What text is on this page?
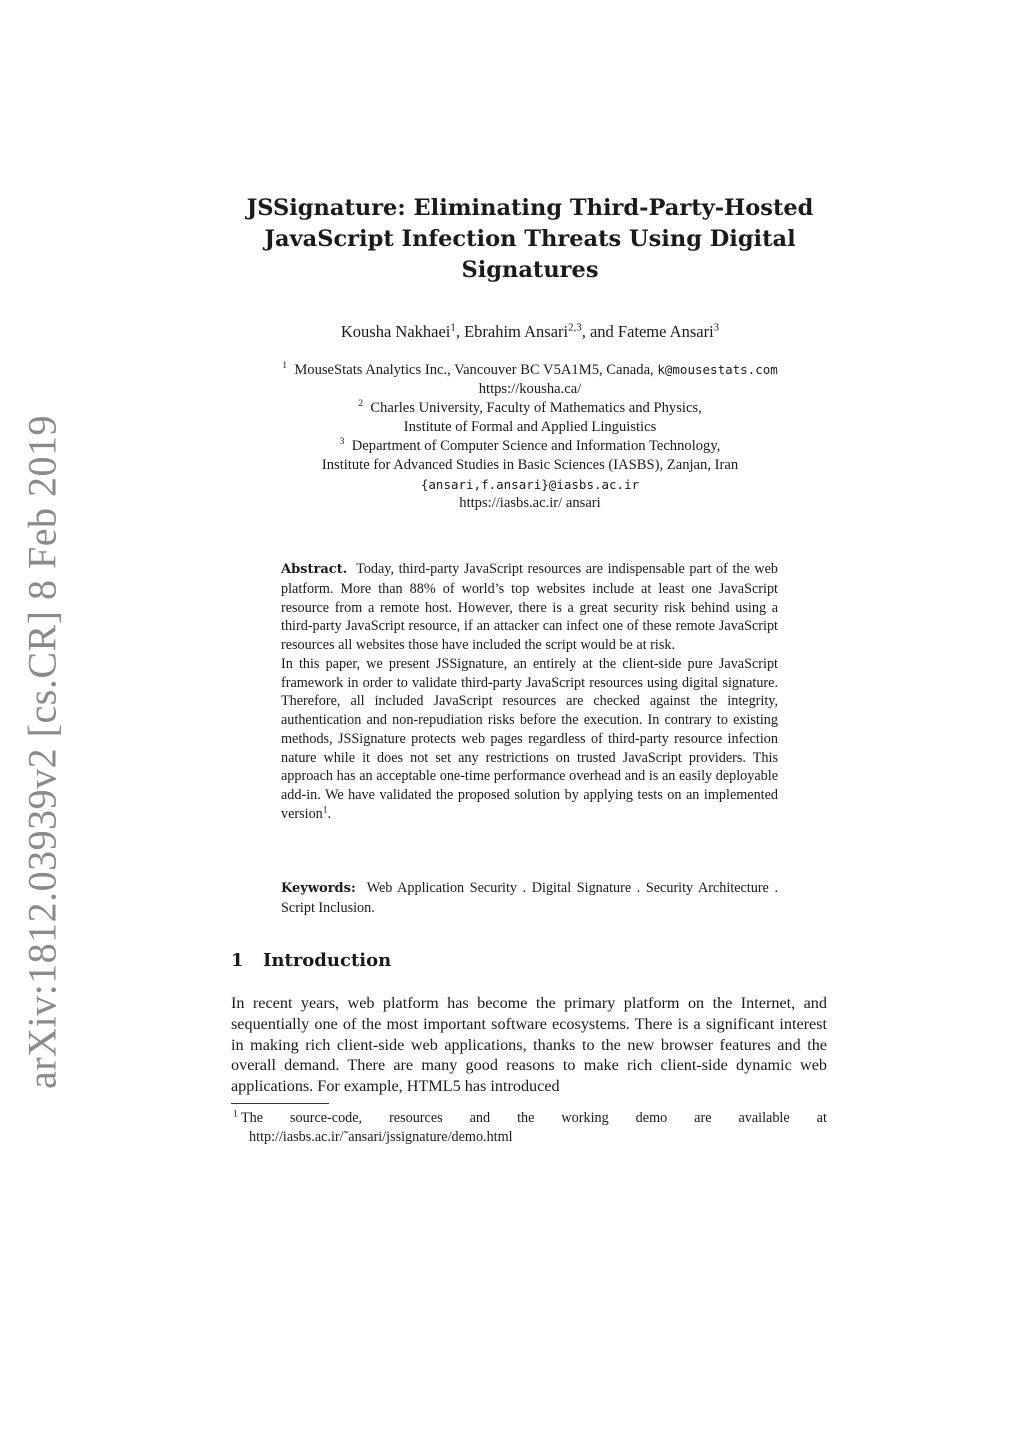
arXiv:1812.03939v2 [cs.CR] 8 Feb 2019
JSSignature: Eliminating Third-Party-Hosted
JavaScript Infection Threats Using Digital
Signatures
Kousha Nakhaei$^1$, Ebrahim Ansari$^{2,3}$, and Fateme Ansari$^3$
$^1$ MouseStats Analytics Inc., Vancouver BC V5A1M5, Canada, k@mousestats.com
https://kousha.ca/
$^2$ Charles University, Faculty of Mathematics and Physics,
Institute of Formal and Applied Linguistics
$^3$ Department of Computer Science and Information Technology,
Institute for Advanced Studies in Basic Sciences (IASBS), Zanjan, Iran
{ansari,f.ansari}@iasbs.ac.ir
https://iasbs.ac.ir/ ansari

Abstract. Today, third-party JavaScript resources are indispensable part of the web platform. More than 88% of world’s top websites include at least one JavaScript resource from a remote host. However, there is a great security risk behind using a third-party JavaScript resource, if an attacker can infect one of these remote JavaScript resources all websites those have included the script would be at risk.

In this paper, we present JSSignature, an entirely at the client-side pure JavaScript framework in order to validate third-party JavaScript resources using digital signature. Therefore, all included JavaScript resources are checked against the integrity, authentication and non-repudiation risks before the execution. In contrary to existing methods, JSSignature protects web pages regardless of third-party resource infection nature while it does not set any restrictions on trusted JavaScript providers. This approach has an acceptable one-time performance overhead and is an easily deployable add-in. We have validated the proposed solution by applying tests on an implemented version$^1$.

Keywords: Web Application Security . Digital Signature . Security Architecture . Script Inclusion.
1 Introduction

In recent years, web platform has become the primary platform on the Internet, and sequentially one of the most important software ecosystems. There is a significant interest in making rich client-side web applications, thanks to the new browser features and the overall demand. There are many good reasons to make rich client-side dynamic web applications. For example, HTML5 has introduced

$^1$ The source-code, resources and the working demo are available at
http://iasbs.ac.ir/˜ansari/jssignature/demo.html
